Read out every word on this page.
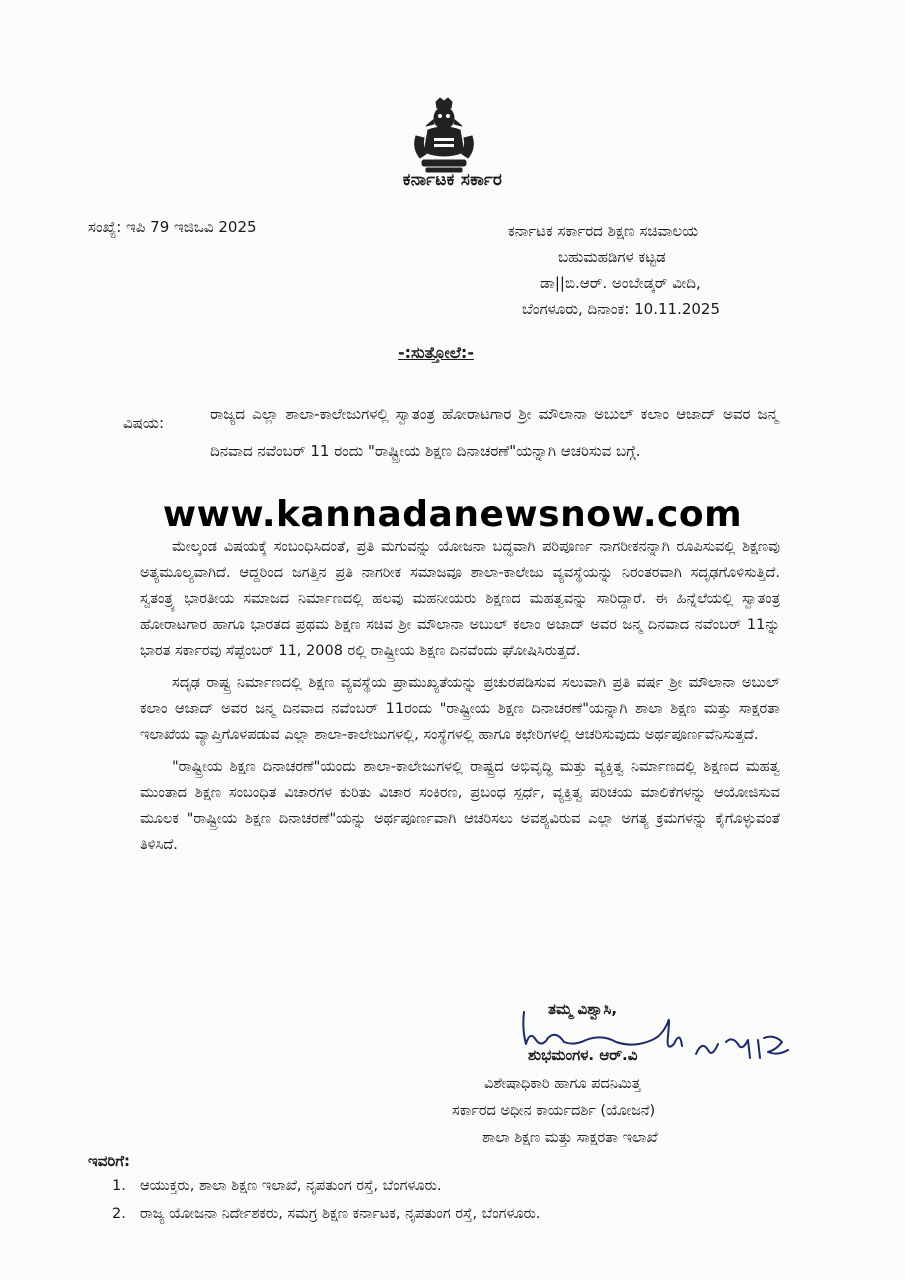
ಕರ್ನಾಟಕ ಸರ್ಕಾರ
ಸಂಖ್ಯೆ: ಇಪಿ 79 ಇಜಿಒವಿ 2025	ಕರ್ನಾಟಕ ಸರ್ಕಾರದ ಶಿಕ್ಷಣ ಸಚಿವಾಲಯ
ಬಹುಮಹಡಿಗಳ ಕಟ್ಟಡ
ಡಾ||ಬಿ.ಆರ್. ಅಂಬೇಡ್ಕರ್ ವೀದಿ,
ಬೆಂಗಳೂರು, ದಿನಾಂಕ: 10.11.2025
-:ಸುತ್ತೋಲೆ:-
ವಿಷಯ:	ರಾಜ್ಯದ ಎಲ್ಲಾ ಶಾಲಾ-ಕಾಲೇಜುಗಳಲ್ಲಿ ಸ್ವಾತಂತ್ರ ಹೋರಾಟಗಾರ ಶ್ರೀ ಮೌಲಾನಾ ಅಬುಲ್ ಕಲಾಂ ಆಜಾದ್ ಅವರ ಜನ್ಮ ದಿನವಾದ ನವೆಂಬರ್ 11 ರಂದು "ರಾಷ್ಟ್ರೀಯ ಶಿಕ್ಷಣ ದಿನಾಚರಣೆ"ಯನ್ನಾಗಿ ಆಚರಿಸುವ ಬಗ್ಗೆ.
www.kannadanewsnow.com

ಮೇಲ್ಕಂಡ ವಿಷಯಕ್ಕೆ ಸಂಬಂಧಿಸಿದಂತೆ, ಪ್ರತಿ ಮಗುವನ್ನು ಯೋಜನಾ ಬದ್ಧವಾಗಿ ಪರಿಪೂರ್ಣ ನಾಗರೀಕನನ್ನಾಗಿ ರೂಪಿಸುವಲ್ಲಿ ಶಿಕ್ಷಣವು ಅತ್ಯಮೂಲ್ಯವಾಗಿದೆ. ಆದ್ದರಿಂದ ಜಗತ್ತಿನ ಪ್ರತಿ ನಾಗರೀಕ ಸಮಾಜವೂ ಶಾಲಾ-ಕಾಲೇಜು ವ್ಯವಸ್ಥೆಯನ್ನು ನಿರಂತರವಾಗಿ ಸದೃಢಗೊಳಿಸುತ್ತಿದೆ. ಸ್ವತಂತ್ರ್ಯ ಭಾರತೀಯ ಸಮಾಜದ ನಿರ್ಮಾಣದಲ್ಲಿ ಹಲವು ಮಹನೀಯರು ಶಿಕ್ಷಣದ ಮಹತ್ವವನ್ನು ಸಾರಿದ್ದಾರೆ. ಈ ಹಿನ್ನೆಲೆಯಲ್ಲಿ ಸ್ವಾತಂತ್ರ ಹೋರಾಟಗಾರ ಹಾಗೂ ಭಾರತದ ಪ್ರಥಮ ಶಿಕ್ಷಣ ಸಚಿವ ಶ್ರೀ ಮೌಲಾನಾ ಅಬುಲ್ ಕಲಾಂ ಅಜಾದ್ ಅವರ ಜನ್ಮ ದಿನವಾದ ನವೆಂಬರ್ 11ನ್ನು ಭಾರತ ಸರ್ಕಾರವು ಸೆಪ್ಟೆಂಬರ್ 11, 2008 ರಲ್ಲಿ ರಾಷ್ಟ್ರೀಯ ಶಿಕ್ಷಣ ದಿನವೆಂದು ಘೋಷಿಸಿರುತ್ತದೆ.

ಸದೃಢ ರಾಷ್ಟ್ರ ನಿರ್ಮಾಣದಲ್ಲಿ ಶಿಕ್ಷಣ ವ್ಯವಸ್ಥೆಯ ಪ್ರಾಮುಖ್ಯತೆಯನ್ನು ಪ್ರಚುರಪಡಿಸುವ ಸಲುವಾಗಿ ಪ್ರತಿ ವರ್ಷ ಶ್ರೀ ಮೌಲಾನಾ ಅಬುಲ್ ಕಲಾಂ ಆಜಾದ್ ಅವರ ಜನ್ಮ ದಿನವಾದ ನವೆಂಬರ್ 11ರಂದು "ರಾಷ್ಟ್ರೀಯ ಶಿಕ್ಷಣ ದಿನಾಚರಣೆ"ಯನ್ನಾಗಿ ಶಾಲಾ ಶಿಕ್ಷಣ ಮತ್ತು ಸಾಕ್ಷರತಾ ಇಲಾಖೆಯ ವ್ಯಾಪ್ತಿಗೊಳಪಡುವ ಎಲ್ಲಾ ಶಾಲಾ-ಕಾಲೇಜುಗಳಲ್ಲಿ, ಸಂಸ್ಥೆಗಳಲ್ಲಿ ಹಾಗೂ ಕಛೇರಿಗಳಲ್ಲಿ ಆಚರಿಸುವುದು ಅರ್ಥಪೂರ್ಣವೆನಿಸುತ್ತದೆ.

"ರಾಷ್ಟ್ರೀಯ ಶಿಕ್ಷಣ ದಿನಾಚರಣೆ"ಯಂದು ಶಾಲಾ-ಕಾಲೇಜುಗಳಲ್ಲಿ ರಾಷ್ಟ್ರದ ಅಭಿವೃದ್ಧಿ ಮತ್ತು ವ್ಯಕ್ತಿತ್ವ ನಿರ್ಮಾಣದಲ್ಲಿ ಶಿಕ್ಷಣದ ಮಹತ್ವ ಮುಂತಾದ ಶಿಕ್ಷಣ ಸಂಬಂಧಿತ ವಿಚಾರಗಳ ಕುರಿತು ವಿಚಾರ ಸಂಕಿರಣ, ಪ್ರಬಂಧ ಸ್ಪರ್ಧೆ, ವ್ಯಕ್ತಿತ್ವ ಪರಿಚಯ ಮಾಲಿಕೆಗಳನ್ನು ಆಯೋಜಿಸುವ ಮೂಲಕ "ರಾಷ್ಟ್ರೀಯ ಶಿಕ್ಷಣ ದಿನಾಚರಣೆ"ಯನ್ನು ಅರ್ಥಪೂರ್ಣವಾಗಿ ಆಚರಿಸಲು ಅವಶ್ಯವಿರುವ ಎಲ್ಲಾ ಅಗತ್ಯ ಕ್ರಮಗಳನ್ನು ಕೈಗೊಳ್ಳುವಂತೆ ತಿಳಿಸಿದೆ.

ತಮ್ಮ ವಿಶ್ವಾಸಿ,
ಶುಭಮಂಗಳ. ಆರ್.ವಿ
ವಿಶೇಷಾಧಿಕಾರಿ ಹಾಗೂ ಪದನಿಮಿತ್ತ
ಸರ್ಕಾರದ ಅಧೀನ ಕಾರ್ಯದರ್ಶಿ (ಯೋಜನೆ)
ಶಾಲಾ ಶಿಕ್ಷಣ ಮತ್ತು ಸಾಕ್ಷರತಾ ಇಲಾಖೆ
ಇವರಿಗೆ:
1. ಆಯುಕ್ತರು, ಶಾಲಾ ಶಿಕ್ಷಣ ಇಲಾಖೆ, ನೃಪತುಂಗ ರಸ್ತೆ, ಬೆಂಗಳೂರು.
2. ರಾಜ್ಯ ಯೋಜನಾ ನಿರ್ದೇಶಕರು, ಸಮಗ್ರ ಶಿಕ್ಷಣ ಕರ್ನಾಟಕ, ನೃಪತುಂಗ ರಸ್ತೆ, ಬೆಂಗಳೂರು.
